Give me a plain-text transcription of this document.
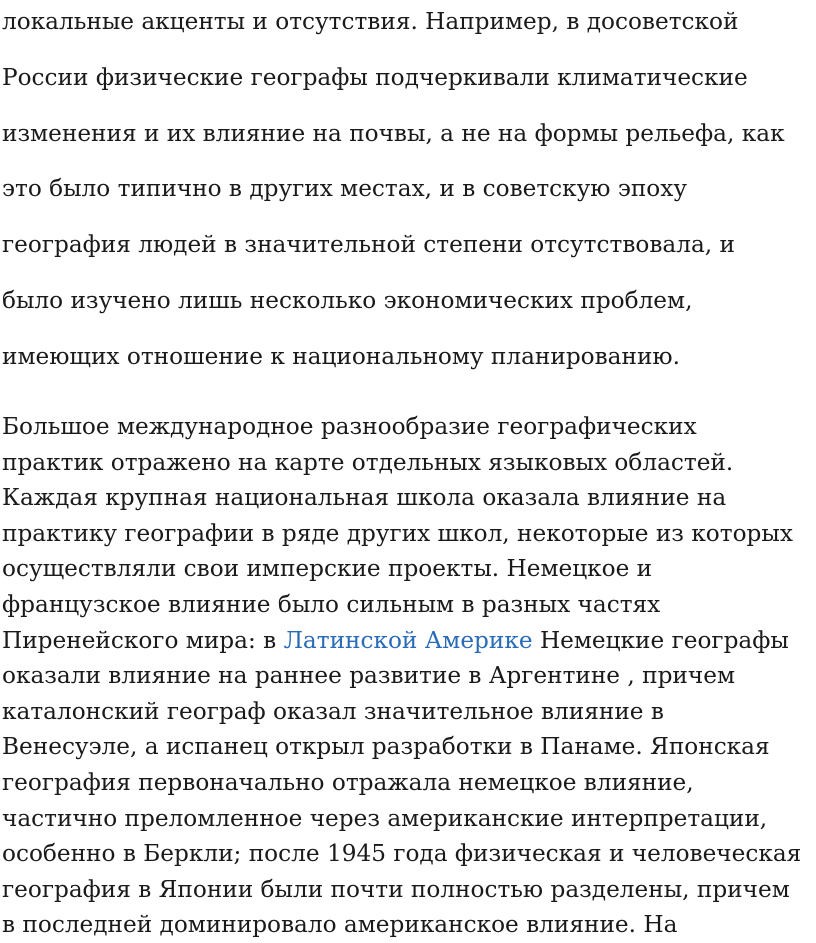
локальные акценты и отсутствия. Например, в досоветской
России физические географы подчеркивали климатические
изменения и их влияние на почвы, а не на формы рельефа, как
это было типично в других местах, и в советскую эпоху
география людей в значительной степени отсутствовала, и
было изучено лишь несколько экономических проблем,
имеющих отношение к национальному планированию.

Большое международное разнообразие географических
практик отражено на карте отдельных языковых областей.
Каждая крупная национальная школа оказала влияние на
практику географии в ряде других школ, некоторые из которых
осуществляли свои имперские проекты. Немецкое и
французское влияние было сильным в разных частях
Пиренейского мира: в Латинской Америке Немецкие географы
оказали влияние на раннее развитие в Аргентине , причем
каталонский географ оказал значительное влияние в
Венесуэле, а испанец открыл разработки в Панаме. Японская
география первоначально отражала немецкое влияние,
частично преломленное через американские интерпретации,
особенно в Беркли; после 1945 года физическая и человеческая
география в Японии были почти полностью разделены, причем
в последней доминировало американское влияние. На
